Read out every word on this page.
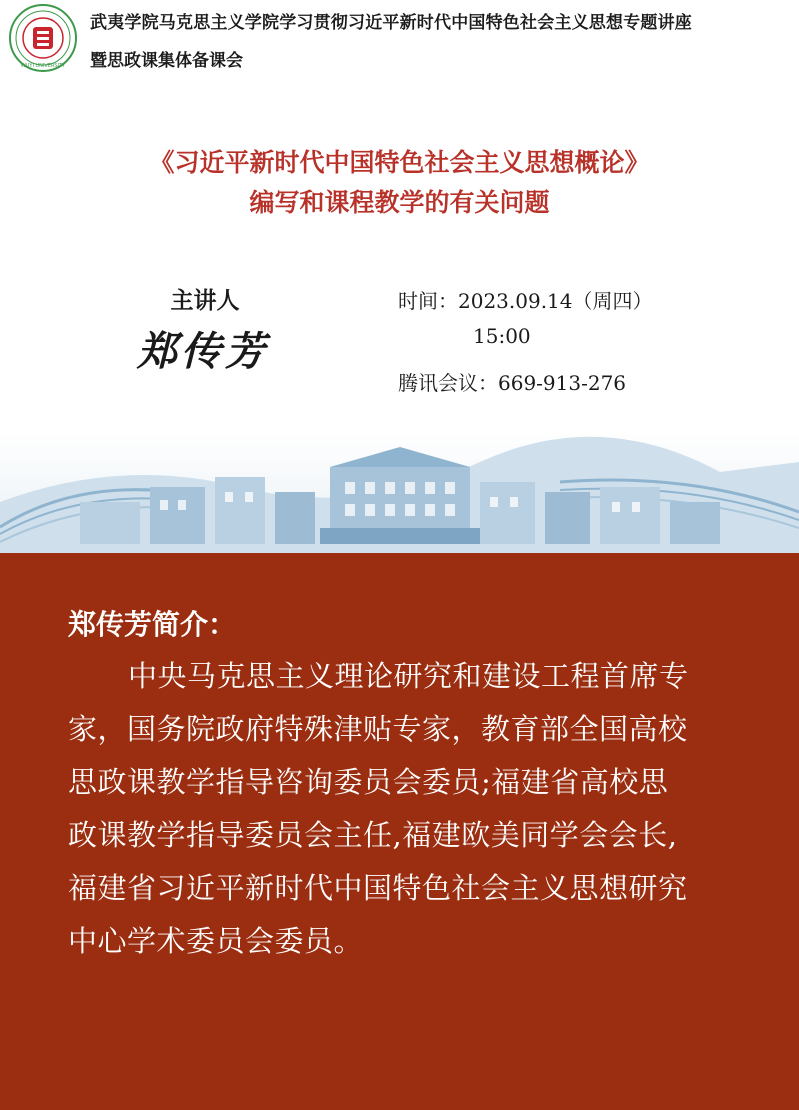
WUYI UNIVERSITY
武夷学院马克思主义学院学习贯彻习近平新时代中国特色社会主义思想专题讲座
暨思政课集体备课会
《习近平新时代中国特色社会主义思想概论》
编写和课程教学的有关问题
主讲人
郑传芳
时间：2023.09.14（周四）
15:00
腾讯会议：669-913-276
郑传芳简介：
中央马克思主义理论研究和建设工程首席专
家，国务院政府特殊津贴专家，教育部全国高校
思政课教学指导咨询委员会委员;福建省高校思
政课教学指导委员会主任,福建欧美同学会会长,
福建省习近平新时代中国特色社会主义思想研究
中心学术委员会委员。
